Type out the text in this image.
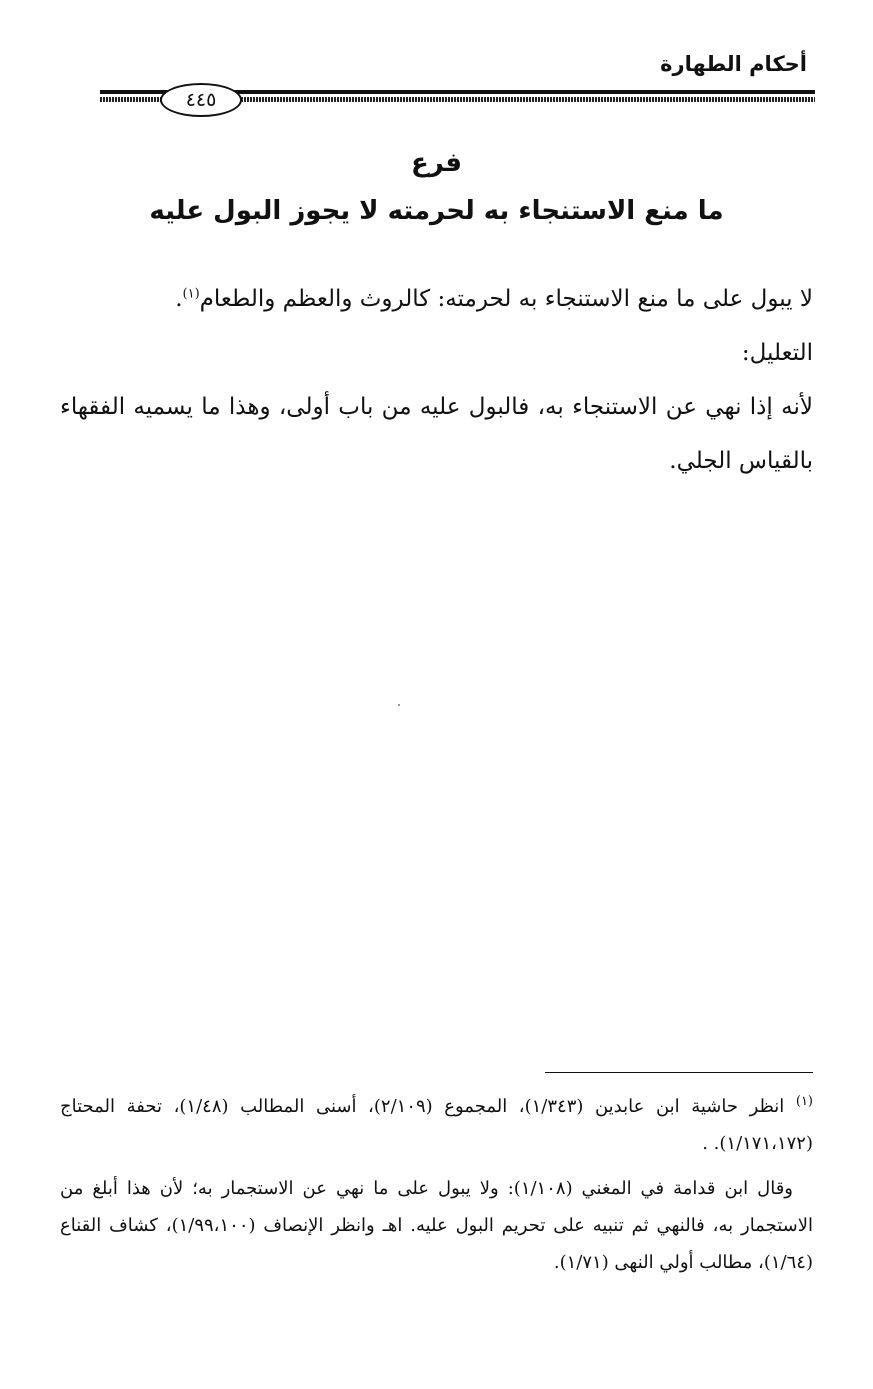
أحكام الطهارة
٤٤٥
فرع
ما منع الاستنجاء به لحرمته لا يجوز البول عليه

لا يبول على ما منع الاستنجاء به لحرمته: كالروث والعظم والطعام$^{(١)}$.

التعليل:

لأنه إذا نهي عن الاستنجاء به، فالبول عليه من باب أولى، وهذا ما يسميه الفقهاء بالقياس الجلي.

$^{(١)}$ انظر حاشية ابن عابدين (١/٣٤٣)، المجموع (٢/١٠٩)، أسنى المطالب (١/٤٨)، تحفة المحتاج (١/١٧١،١٧٢). .

وقال ابن قدامة في المغني (١/١٠٨): ولا يبول على ما نهي عن الاستجمار به؛ لأن هذا أبلغ من الاستجمار به، فالنهي ثم تنبيه على تحريم البول عليه. اهـ وانظر الإنصاف (١/٩٩،١٠٠)، كشاف القناع (١/٦٤)، مطالب أولي النهى (١/٧١).
